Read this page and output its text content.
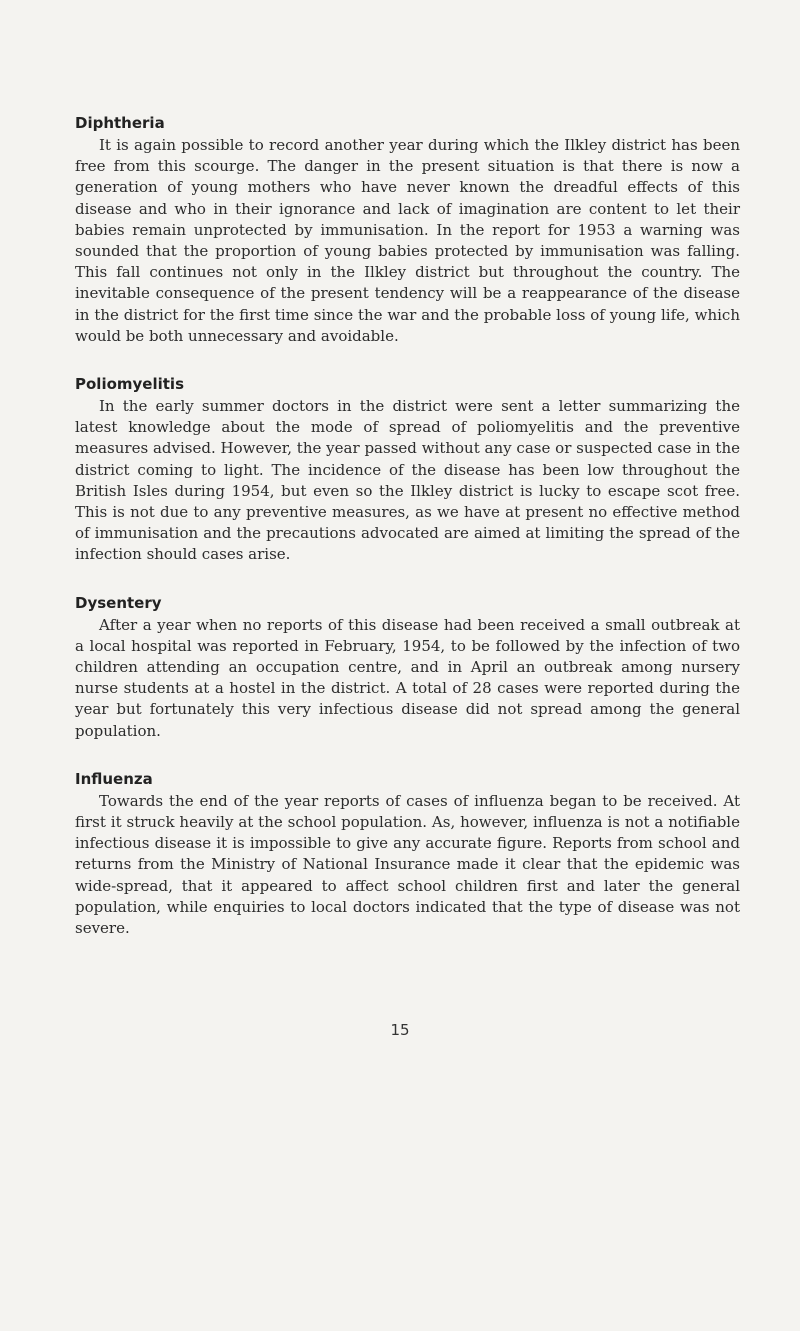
Diphtheria

It is again possible to record another year during which the Ilkley district has been free from this scourge. The danger in the present situation is that there is now a generation of young mothers who have never known the dreadful effects of this disease and who in their ignorance and lack of imagination are content to let their babies remain unprotected by immunisation. In the report for 1953 a warning was sounded that the proportion of young babies protected by immunisation was falling. This fall continues not only in the Ilkley district but throughout the country. The inevitable consequence of the present tendency will be a reappearance of the disease in the district for the first time since the war and the probable loss of young life, which would be both unnecessary and avoidable.

Poliomyelitis

In the early summer doctors in the district were sent a letter summarizing the latest knowledge about the mode of spread of poliomyelitis and the preventive measures advised. However, the year passed without any case or suspected case in the district coming to light. The incidence of the disease has been low throughout the British Isles during 1954, but even so the Ilkley district is lucky to escape scot free. This is not due to any preventive measures, as we have at present no effective method of immunisation and the precautions advocated are aimed at limiting the spread of the infection should cases arise.

Dysentery

After a year when no reports of this disease had been received a small outbreak at a local hospital was reported in February, 1954, to be followed by the infection of two children attending an occupation centre, and in April an outbreak among nursery nurse students at a hostel in the district. A total of 28 cases were reported during the year but fortunately this very infectious disease did not spread among the general population.

Influenza

Towards the end of the year reports of cases of influenza began to be received. At first it struck heavily at the school population. As, however, influenza is not a notifiable infectious disease it is impossible to give any accurate figure. Reports from school and returns from the Ministry of National Insurance made it clear that the epidemic was wide-spread, that it appeared to affect school children first and later the general population, while enquiries to local doctors indicated that the type of disease was not severe.

15
